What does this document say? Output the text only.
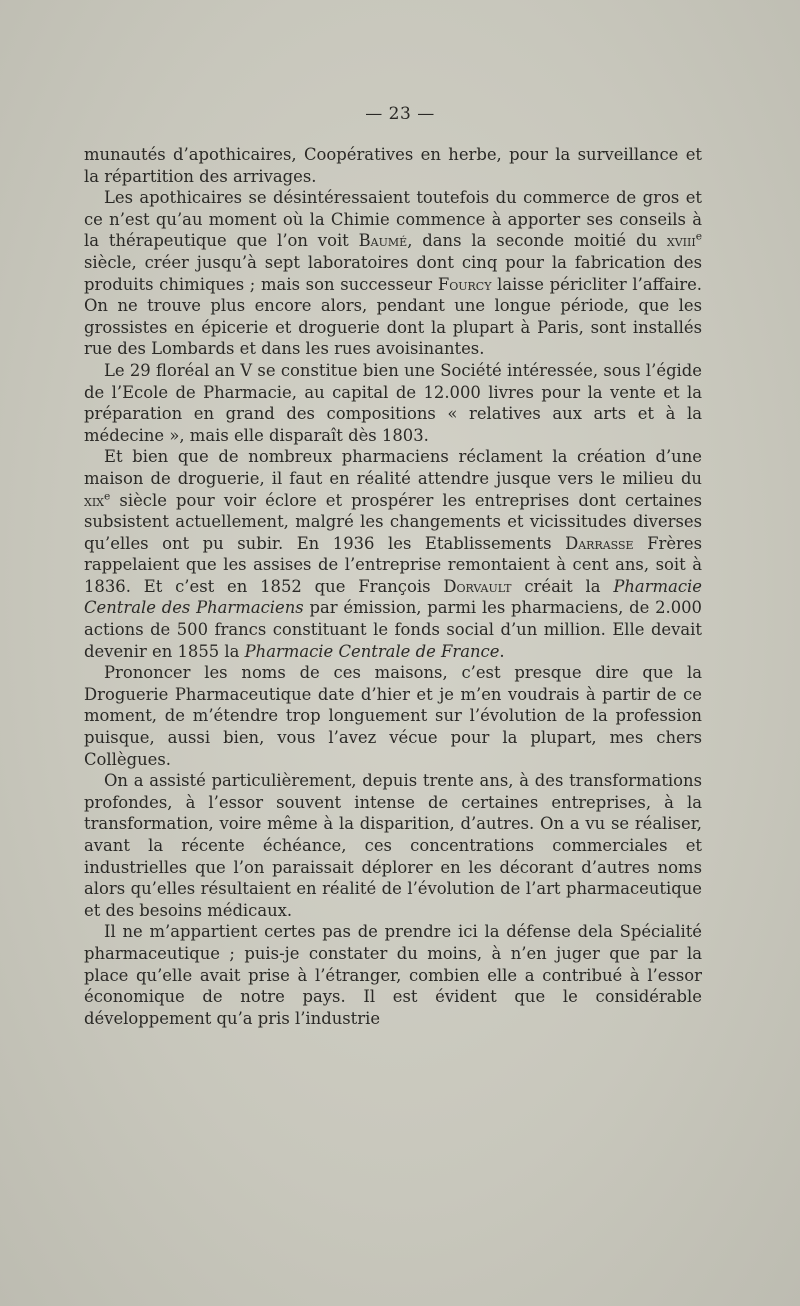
— 23 —

munautés d’apothicaires, Coopératives en herbe, pour la surveillance et la répartition des arrivages.

Les apothicaires se désintéressaient toutefois du commerce de gros et ce n’est qu’au moment où la Chimie commence à apporter ses conseils à la thérapeutique que l’on voit Baumé, dans la seconde moitié du xviii$^e$ siècle, créer jusqu’à sept laboratoires dont cinq pour la fabrication des produits chimiques ; mais son successeur Fourcy laisse péricliter l’affaire. On ne trouve plus encore alors, pendant une longue période, que les grossistes en épicerie et droguerie dont la plupart à Paris, sont installés rue des Lombards et dans les rues avoisinantes.

Le 29 floréal an V se constitue bien une Société intéressée, sous l’égide de l’Ecole de Pharmacie, au capital de 12.000 livres pour la vente et la préparation en grand des compositions « relatives aux arts et à la médecine », mais elle disparaît dès 1803.

Et bien que de nombreux pharmaciens réclament la création d’une maison de droguerie, il faut en réalité attendre jusque vers le milieu du xix$^e$ siècle pour voir éclore et prospérer les entreprises dont certaines subsistent actuellement, malgré les changements et vicissitudes diverses qu’elles ont pu subir. En 1936 les Etablissements Darrasse Frères rappelaient que les assises de l’entreprise remontaient à cent ans, soit à 1836. Et c’est en 1852 que François Dorvault créait la Pharmacie Centrale des Pharmaciens par émission, parmi les pharmaciens, de 2.000 actions de 500 francs constituant le fonds social d’un million. Elle devait devenir en 1855 la Pharmacie Centrale de France.

Prononcer les noms de ces maisons, c’est presque dire que la Droguerie Pharmaceutique date d’hier et je m’en voudrais à partir de ce moment, de m’étendre trop longuement sur l’évolution de la profession puisque, aussi bien, vous l’avez vécue pour la plupart, mes chers Collègues.

On a assisté particulièrement, depuis trente ans, à des transformations profondes, à l’essor souvent intense de certaines entreprises, à la transformation, voire même à la disparition, d’autres. On a vu se réaliser, avant la récente échéance, ces concentrations commerciales et industrielles que l’on paraissait déplorer en les décorant d’autres noms alors qu’elles résultaient en réalité de l’évolution de l’art pharmaceutique et des besoins médicaux.

Il ne m’appartient certes pas de prendre ici la défense dela Spécialité pharmaceutique ; puis-je constater du moins, à n’en juger que par la place qu’elle avait prise à l’étranger, combien elle a contribué à l’essor économique de notre pays. Il est évident que le considérable développement qu’a pris l’industrie
